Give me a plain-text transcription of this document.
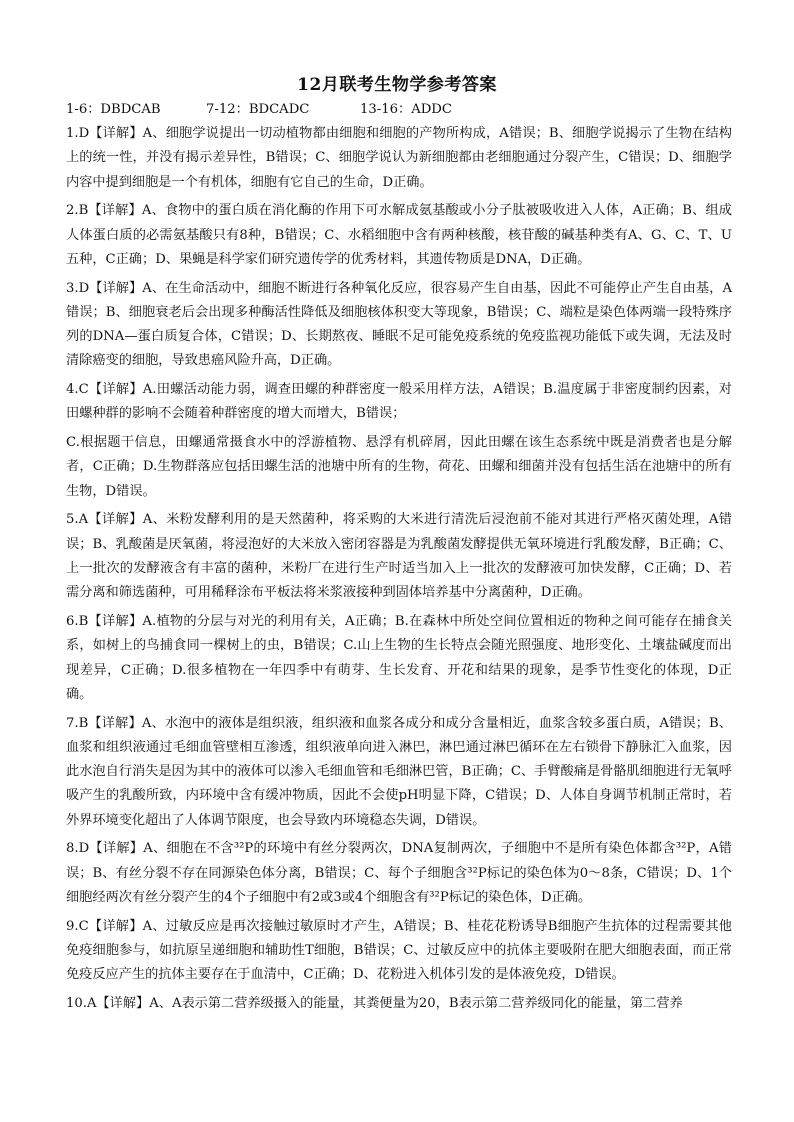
12月联考生物学参考答案
1-6：DBDCAB	7-12：BDCADC	13-16：ADDC

1.D【详解】A、细胞学说提出一切动植物都由细胞和细胞的产物所构成，A错误；B、细胞学说揭示了生物在结构上的统一性，并没有揭示差异性，B错误；C、细胞学说认为新细胞都由老细胞通过分裂产生，C错误；D、细胞学内容中提到细胞是一个有机体，细胞有它自己的生命，D正确。

2.B【详解】A、食物中的蛋白质在消化酶的作用下可水解成氨基酸或小分子肽被吸收进入人体，A正确；B、组成人体蛋白质的必需氨基酸只有8种，B错误；C、水稻细胞中含有两种核酸，核苷酸的碱基种类有A、G、C、T、U五种，C正确；D、果蝇是科学家们研究遗传学的优秀材料，其遗传物质是DNA，D正确。

3.D【详解】A、在生命活动中，细胞不断进行各种氧化反应，很容易产生自由基，因此不可能停止产生自由基，A错误；B、细胞衰老后会出现多种酶活性降低及细胞核体积变大等现象，B错误；C、端粒是染色体两端一段特殊序列的DNA—蛋白质复合体，C错误；D、长期熬夜、睡眠不足可能免疫系统的免疫监视功能低下或失调，无法及时清除癌变的细胞，导致患癌风险升高，D正确。

4.C【详解】A.田螺活动能力弱，调查田螺的种群密度一般采用样方法，A错误；B.温度属于非密度制约因素，对田螺种群的影响不会随着种群密度的增大而增大，B错误；

C.根据题干信息，田螺通常摄食水中的浮游植物、悬浮有机碎屑，因此田螺在该生态系统中既是消费者也是分解者，C正确；D.生物群落应包括田螺生活的池塘中所有的生物，荷花、田螺和细菌并没有包括生活在池塘中的所有生物，D错误。

5.A【详解】A、米粉发酵利用的是天然菌种，将采购的大米进行清洗后浸泡前不能对其进行严格灭菌处理，A错误；B、乳酸菌是厌氧菌，将浸泡好的大米放入密闭容器是为乳酸菌发酵提供无氧环境进行乳酸发酵，B正确；C、上一批次的发酵液含有丰富的菌种，米粉厂在进行生产时适当加入上一批次的发酵液可加快发酵，C正确；D、若需分离和筛选菌种，可用稀释涂布平板法将米浆液接种到固体培养基中分离菌种，D正确。

6.B【详解】A.植物的分层与对光的利用有关，A正确；B.在森林中所处空间位置相近的物种之间可能存在捕食关系，如树上的鸟捕食同一棵树上的虫，B错误；C.山上生物的生长特点会随光照强度、地形变化、土壤盐碱度而出现差异，C正确；D.很多植物在一年四季中有萌芽、生长发育、开花和结果的现象，是季节性变化的体现，D正确。

7.B【详解】A、水泡中的液体是组织液，组织液和血浆各成分和成分含量相近，血浆含较多蛋白质，A错误；B、血浆和组织液通过毛细血管壁相互渗透，组织液单向进入淋巴，淋巴通过淋巴循环在左右锁骨下静脉汇入血浆，因此水泡自行消失是因为其中的液体可以渗入毛细血管和毛细淋巴管，B正确；C、手臂酸痛是骨骼肌细胞进行无氧呼吸产生的乳酸所致，内环境中含有缓冲物质，因此不会使pH明显下降，C错误；D、人体自身调节机制正常时，若外界环境变化超出了人体调节限度，也会导致内环境稳态失调，D错误。

8.D【详解】A、细胞在不含³²P的环境中有丝分裂两次，DNA复制两次，子细胞中不是所有染色体都含³²P，A错误；B、有丝分裂不存在同源染色体分离，B错误；C、每个子细胞含³²P标记的染色体为0～8条，C错误；D、1个细胞经两次有丝分裂产生的4个子细胞中有2或3或4个细胞含有³²P标记的染色体，D正确。

9.C【详解】A、过敏反应是再次接触过敏原时才产生，A错误；B、桂花花粉诱导B细胞产生抗体的过程需要其他免疫细胞参与，如抗原呈递细胞和辅助性T细胞，B错误；C、过敏反应中的抗体主要吸附在肥大细胞表面，而正常免疫反应产生的抗体主要存在于血清中，C正确；D、花粉进入机体引发的是体液免疫，D错误。

10.A【详解】A、A表示第二营养级摄入的能量，其粪便量为20，B表示第二营养级同化的能量，第二营养
